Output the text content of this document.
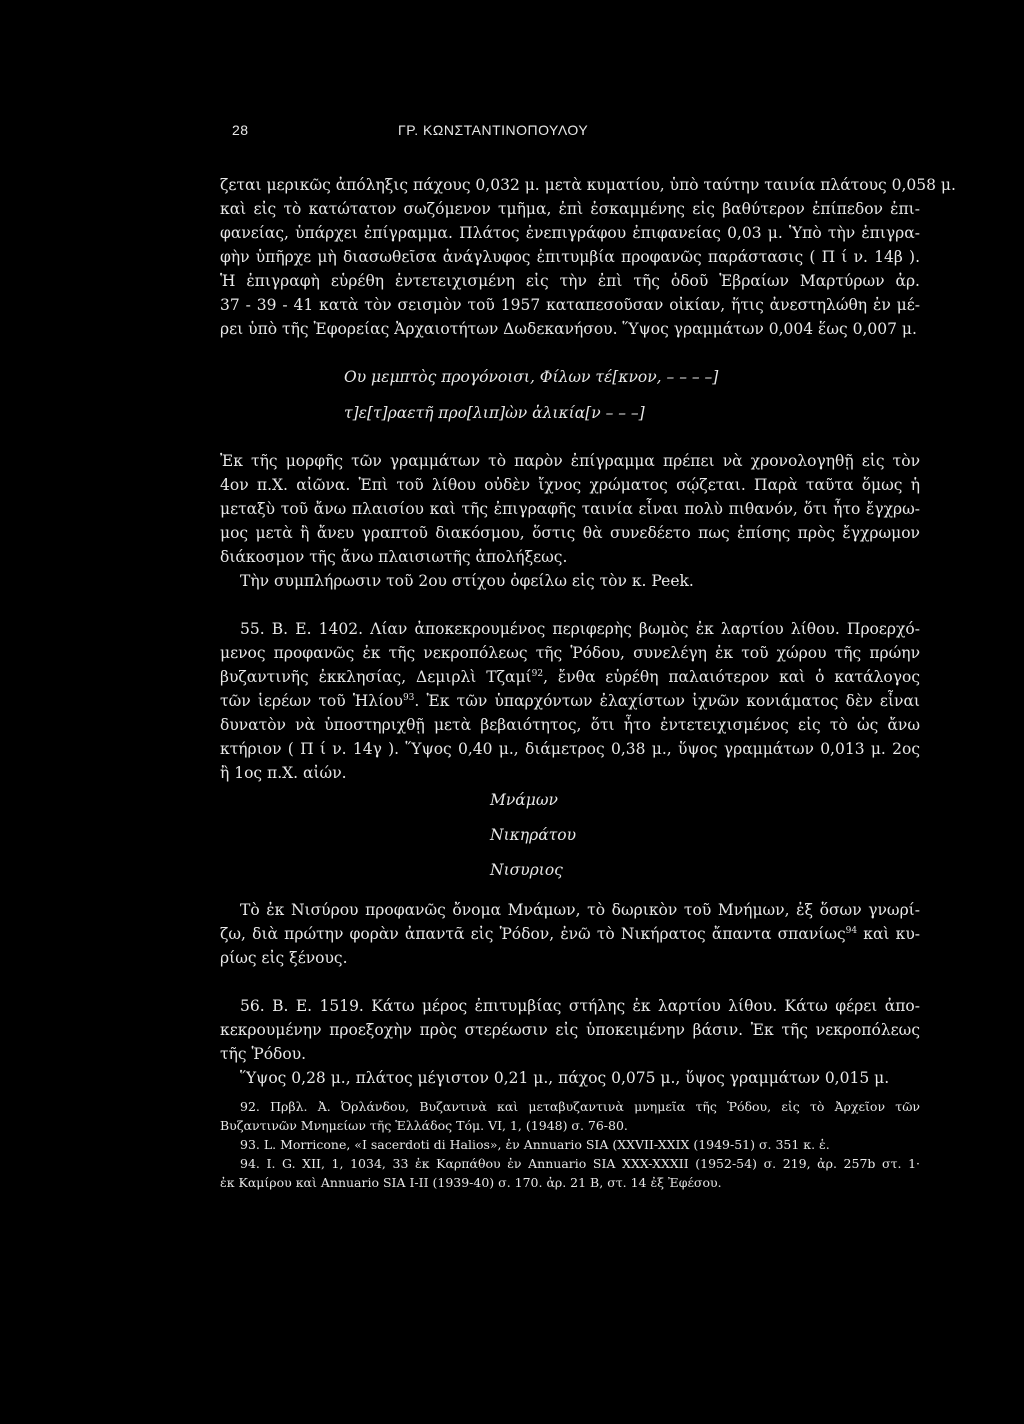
28	ΓΡ. ΚΩΝΣΤΑΝΤΙΝΟΠΟΥΛΟΥ
ζεται μερικῶς ἀπόληξις πάχους 0,032 μ. μετὰ κυματίου, ὑπὸ ταύτην ταινία πλάτους 0,058 μ.
καὶ εἰς τὸ κατώτατον σωζόμενον τμῆμα, ἐπὶ ἐσκαμμένης εἰς βαθύτερον ἐπίπεδον ἐπι-
φανείας, ὑπάρχει ἐπίγραμμα. Πλάτος ἐνεπιγράφου ἐπιφανείας 0,03 μ. Ὑπὸ τὴν ἐπιγρα-
φὴν ὑπῆρχε μὴ διασωθεῖσα ἀνάγλυφος ἐπιτυμβία προφανῶς παράστασις ( Π ί ν. 14β ).
Ἡ ἐπιγραφὴ εὑρέθη ἐντετειχισμένη εἰς τὴν ἐπὶ τῆς ὁδοῦ Ἑβραίων Μαρτύρων ἀρ.
37 - 39 - 41 κατὰ τὸν σεισμὸν τοῦ 1957 καταπεσοῦσαν οἰκίαν, ἥτις ἀνεστηλώθη ἐν μέ-
ρει ὑπὸ τῆς Ἐφορείας Ἀρχαιοτήτων Δωδεκανήσου. Ὕψος γραμμάτων 0,004 ἕως 0,007 μ.
Ου μεμπτὸς προγόνοισι, Φίλων τέ[κνον, – – – –]
τ]ε[τ]ραετῆ προ[λιπ]ὼν ἁλικία[ν – – –]
Ἐκ τῆς μορφῆς τῶν γραμμάτων τὸ παρὸν ἐπίγραμμα πρέπει νὰ χρονολογηθῇ εἰς τὸν
4ον π.Χ. αἰῶνα. Ἐπὶ τοῦ λίθου οὐδὲν ἴχνος χρώματος σῴζεται. Παρὰ ταῦτα ὅμως ἡ
μεταξὺ τοῦ ἄνω πλαισίου καὶ τῆς ἐπιγραφῆς ταινία εἶναι πολὺ πιθανόν, ὅτι ἦτο ἔγχρω-
μος μετὰ ἢ ἄνευ γραπτοῦ διακόσμου, ὅστις θὰ συνεδέετο πως ἐπίσης πρὸς ἔγχρωμον
διάκοσμον τῆς ἄνω πλαισιωτῆς ἀπολήξεως.
Τὴν συμπλήρωσιν τοῦ 2ου στίχου ὀφείλω εἰς τὸν κ. Peek.
55. Β. Ε. 1402. Λίαν ἀποκεκρουμένος περιφερὴς βωμὸς ἐκ λαρτίου λίθου. Προερχό-
μενος προφανῶς ἐκ τῆς νεκροπόλεως τῆς Ῥόδου, συνελέγη ἐκ τοῦ χώρου τῆς πρώην
βυζαντινῆς ἐκκλησίας, Δεμιρλὶ Τζαμί$^{92}$, ἔνθα εὑρέθη παλαιότερον καὶ ὁ κατάλογος
τῶν ἱερέων τοῦ Ἡλίου$^{93}$. Ἐκ τῶν ὑπαρχόντων ἐλαχίστων ἰχνῶν κονιάματος δὲν εἶναι
δυνατὸν νὰ ὑποστηριχθῇ μετὰ βεβαιότητος, ὅτι ἦτο ἐντετειχισμένος εἰς τὸ ὡς ἄνω
κτήριον ( Π ί ν. 14γ ). Ὕψος 0,40 μ., διάμετρος 0,38 μ., ὕψος γραμμάτων 0,013 μ. 2ος
ἢ 1ος π.Χ. αἰών.
Μνάμων
Νικηράτου
Νισυριος
Τὸ ἐκ Νισύρου προφανῶς ὄνομα Μνάμων, τὸ δωρικὸν τοῦ Μνήμων, ἐξ ὅσων γνωρί-
ζω, διὰ πρώτην φορὰν ἀπαντᾶ εἰς Ῥόδον, ἐνῶ τὸ Νικήρατος ἄπαντα σπανίως$^{94}$ καὶ κυ-
ρίως εἰς ξένους.
56. Β. Ε. 1519. Κάτω μέρος ἐπιτυμβίας στήλης ἐκ λαρτίου λίθου. Κάτω φέρει ἀπο-
κεκρουμένην προεξοχὴν πρὸς στερέωσιν εἰς ὑποκειμένην βάσιν. Ἐκ τῆς νεκροπόλεως
τῆς Ῥόδου.
Ὕψος 0,28 μ., πλάτος μέγιστον 0,21 μ., πάχος 0,075 μ., ὕψος γραμμάτων 0,015 μ.
92. Πρβλ. Ἀ. Ὀρλάνδου, Βυζαντινὰ καὶ μεταβυζαντινὰ μνημεῖα τῆς Ῥόδου, εἰς τὸ Ἀρχεῖον τῶν
Βυζαντινῶν Μνημείων τῆς Ἑλλάδος Τόμ. VI, 1, (1948) σ. 76-80.
93. L. Morricone, «I sacerdoti di Halios», ἐν Annuario SIA (XXVII-XXIX (1949-51) σ. 351 κ. ἑ.
94. I. G. XII, 1, 1034, 33 ἐκ Καρπάθου ἐν Annuario SIA XXX-XXXII (1952-54) σ. 219, ἀρ. 257b στ. 1·
ἐκ Καμίρου καὶ Annuario SIA I-II (1939-40) σ. 170. ἀρ. 21 B, στ. 14 ἐξ Ἐφέσου.
